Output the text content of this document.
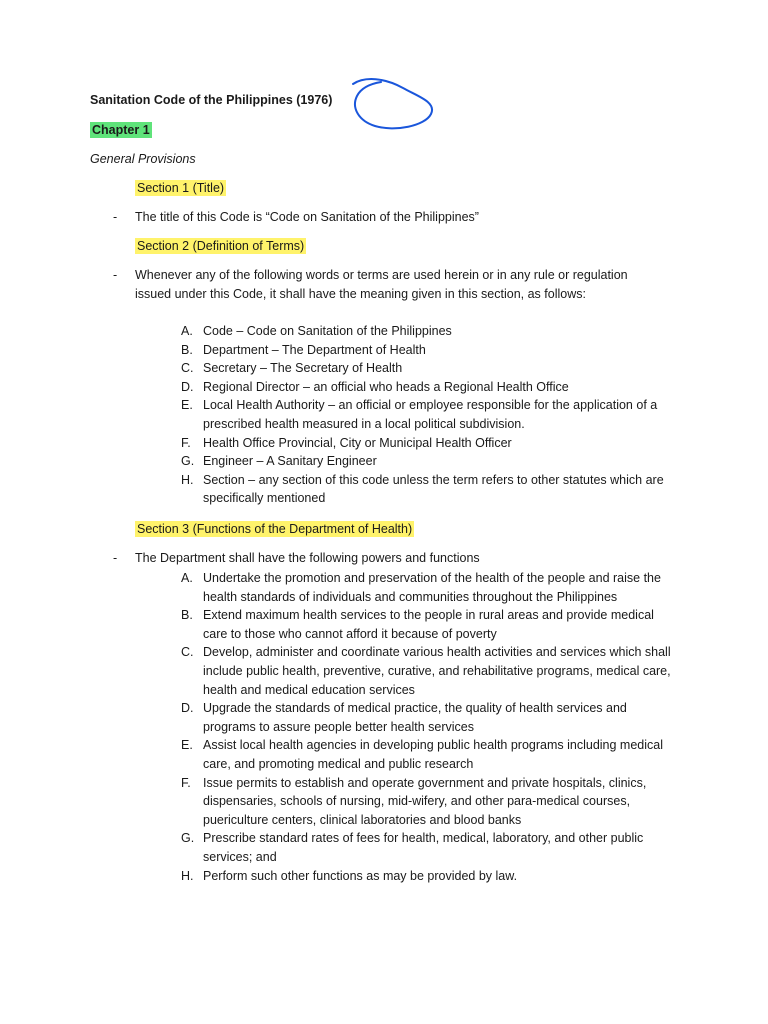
Sanitation Code of the Philippines (1976)
Chapter 1
General Provisions
Section 1 (Title)
- The title of this Code is “Code on Sanitation of the Philippines”
Section 2 (Definition of Terms)
- Whenever any of the following words or terms are used herein or in any rule or regulation issued under this Code, it shall have the meaning given in this section, as follows:
A. Code – Code on Sanitation of the Philippines
B. Department – The Department of Health
C. Secretary – The Secretary of Health
D. Regional Director – an official who heads a Regional Health Office
E. Local Health Authority – an official or employee responsible for the application of a prescribed health measured in a local political subdivision.
F. Health Office Provincial, City or Municipal Health Officer
G. Engineer – A Sanitary Engineer
H. Section – any section of this code unless the term refers to other statutes which are specifically mentioned
Section 3 (Functions of the Department of Health)
- The Department shall have the following powers and functions
A. Undertake the promotion and preservation of the health of the people and raise the health standards of individuals and communities throughout the Philippines
B. Extend maximum health services to the people in rural areas and provide medical care to those who cannot afford it because of poverty
C. Develop, administer and coordinate various health activities and services which shall include public health, preventive, curative, and rehabilitative programs, medical care, health and medical education services
D. Upgrade the standards of medical practice, the quality of health services and programs to assure people better health services
E. Assist local health agencies in developing public health programs including medical care, and promoting medical and public research
F. Issue permits to establish and operate government and private hospitals, clinics, dispensaries, schools of nursing, mid-wifery, and other para-medical courses, puericulture centers, clinical laboratories and blood banks
G. Prescribe standard rates of fees for health, medical, laboratory, and other public services; and
H. Perform such other functions as may be provided by law.
